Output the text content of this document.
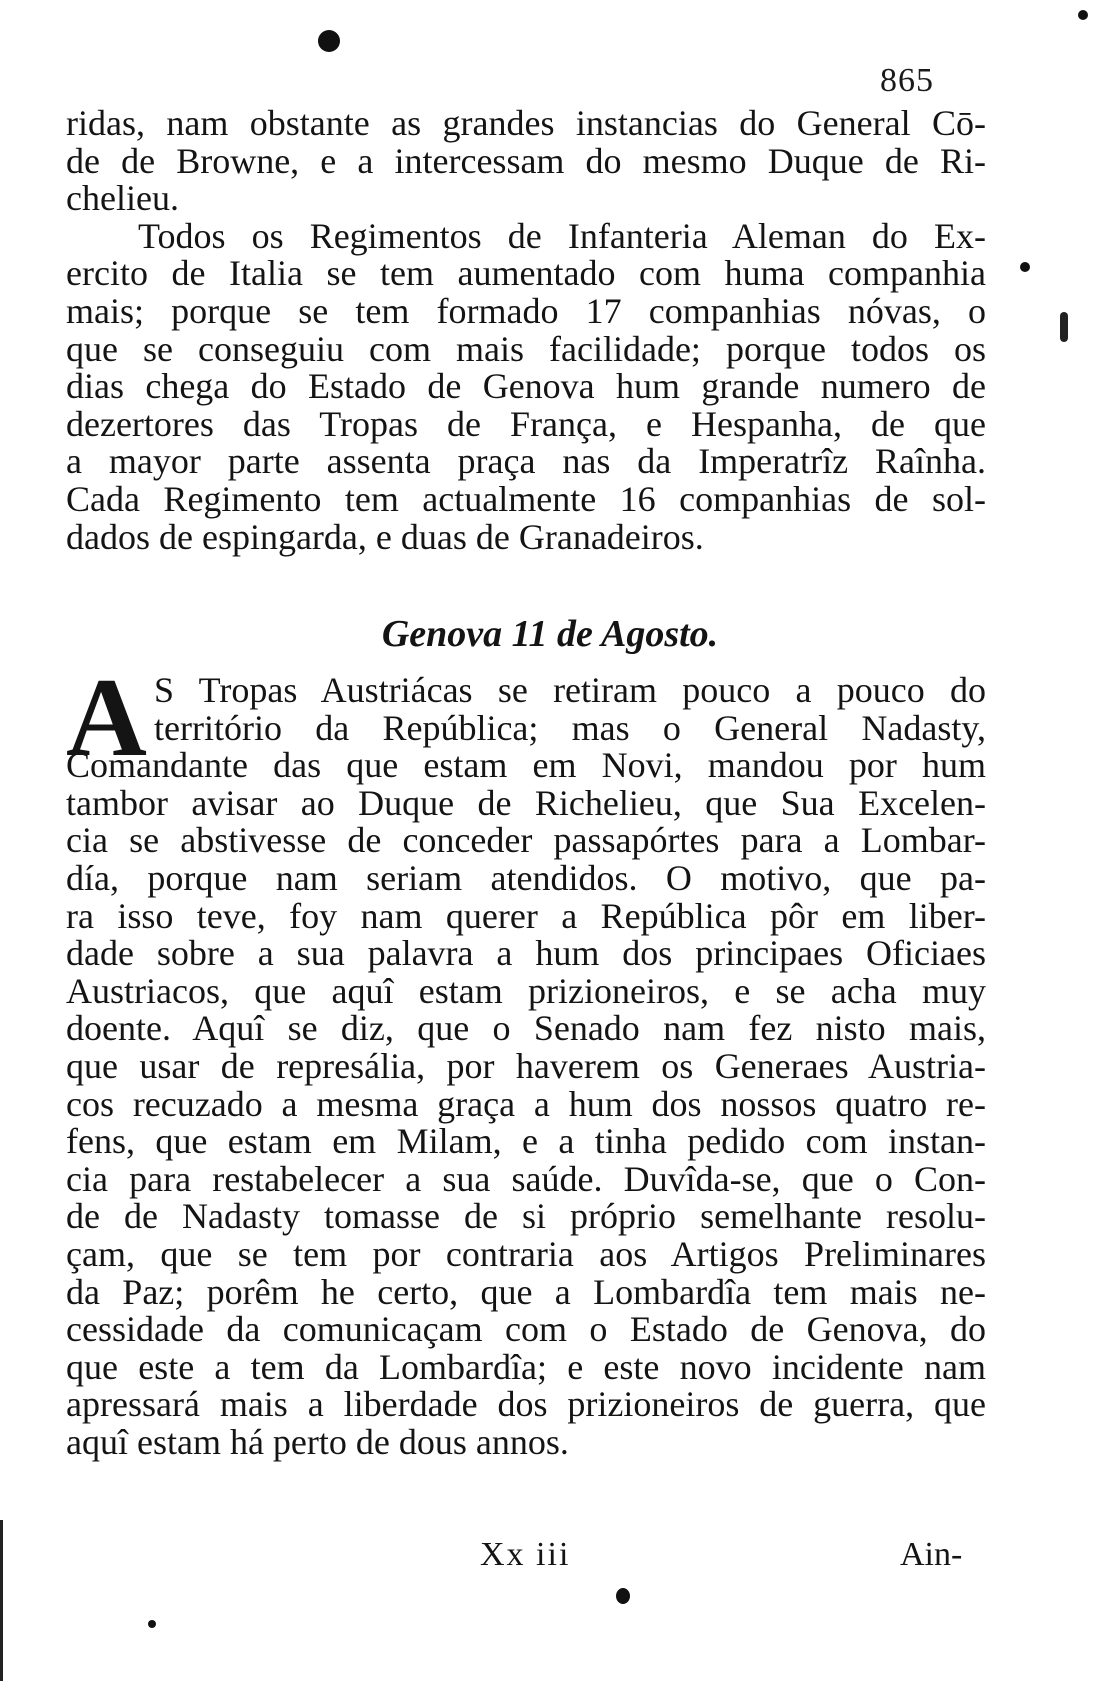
865
ridas, nam obstante as grandes instancias do General Cō-
de de Browne, e a intercessam do mesmo Duque de Ri-
chelieu.
Todos os Regimentos de Infanteria Aleman do Ex-
ercito de Italia se tem aumentado com huma companhia
mais; porque se tem formado 17 companhias nóvas, o
que se conseguiu com mais facilidade; porque todos os
dias chega do Estado de Genova hum grande numero de
dezertores das Tropas de França, e Hespanha, de que
a mayor parte assenta praça nas da Imperatrîz Raînha.
Cada Regimento tem actualmente 16 companhias de sol-
dados de espingarda, e duas de Granadeiros.
Genova 11 de Agosto.
A S Tropas Austriácas se retiram pouco a pouco do
território da República; mas o General Nadasty,
Comandante das que estam em Novi, mandou por hum
tambor avisar ao Duque de Richelieu, que Sua Excelen-
cia se abstivesse de conceder passapórtes para a Lombar-
día, porque nam seriam atendidos. O motivo, que pa-
ra isso teve, foy nam querer a República pôr em liber-
dade sobre a sua palavra a hum dos principaes Oficiaes
Austriacos, que aquî estam prizioneiros, e se acha muy
doente. Aquî se diz, que o Senado nam fez nisto mais,
que usar de represália, por haverem os Generaes Austria-
cos recuzado a mesma graça a hum dos nossos quatro re-
fens, que estam em Milam, e a tinha pedido com instan-
cia para restabelecer a sua saúde. Duvîda-se, que o Con-
de de Nadasty tomasse de si próprio semelhante resolu-
çam, que se tem por contraria aos Artigos Preliminares
da Paz; porêm he certo, que a Lombardîa tem mais ne-
cessidade da comunicaçam com o Estado de Genova, do
que este a tem da Lombardîa; e este novo incidente nam
apressará mais a liberdade dos prizioneiros de guerra, que
aquî estam há perto de dous annos.
Xx iii	Ain-
